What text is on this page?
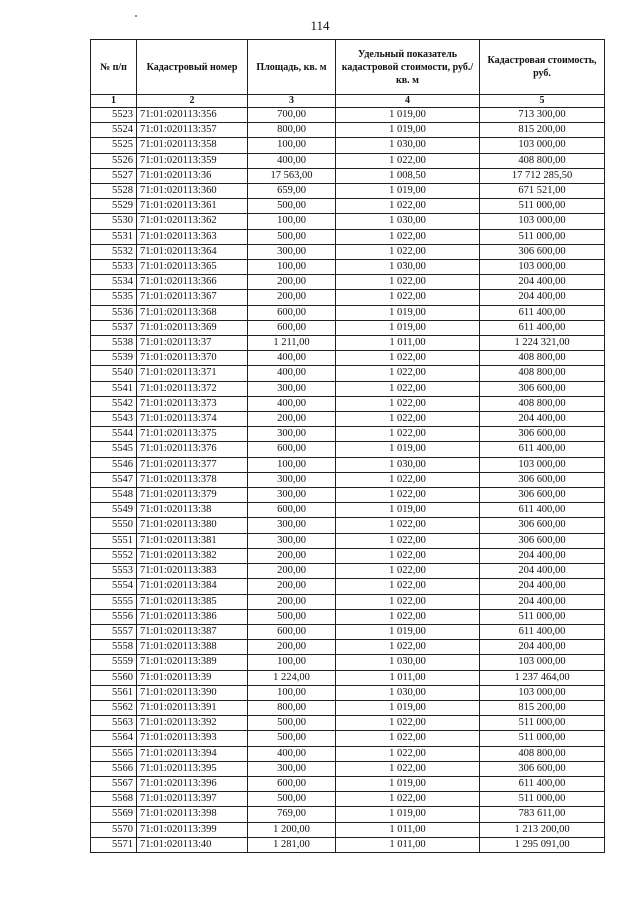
114
№ п/п	Кадастровый номер	Площадь, кв. м	Удельный показатель кадастровой стоимости, руб./кв. м	Кадастровая стоимость, руб.
1	2	3	4	5
5523	71:01:020113:356	700,00	1 019,00	713 300,00
5524	71:01:020113:357	800,00	1 019,00	815 200,00
5525	71:01:020113:358	100,00	1 030,00	103 000,00
5526	71:01:020113:359	400,00	1 022,00	408 800,00
5527	71:01:020113:36	17 563,00	1 008,50	17 712 285,50
5528	71:01:020113:360	659,00	1 019,00	671 521,00
5529	71:01:020113:361	500,00	1 022,00	511 000,00
5530	71:01:020113:362	100,00	1 030,00	103 000,00
5531	71:01:020113:363	500,00	1 022,00	511 000,00
5532	71:01:020113:364	300,00	1 022,00	306 600,00
5533	71:01:020113:365	100,00	1 030,00	103 000,00
5534	71:01:020113:366	200,00	1 022,00	204 400,00
5535	71:01:020113:367	200,00	1 022,00	204 400,00
5536	71:01:020113:368	600,00	1 019,00	611 400,00
5537	71:01:020113:369	600,00	1 019,00	611 400,00
5538	71:01:020113:37	1 211,00	1 011,00	1 224 321,00
5539	71:01:020113:370	400,00	1 022,00	408 800,00
5540	71:01:020113:371	400,00	1 022,00	408 800,00
5541	71:01:020113:372	300,00	1 022,00	306 600,00
5542	71:01:020113:373	400,00	1 022,00	408 800,00
5543	71:01:020113:374	200,00	1 022,00	204 400,00
5544	71:01:020113:375	300,00	1 022,00	306 600,00
5545	71:01:020113:376	600,00	1 019,00	611 400,00
5546	71:01:020113:377	100,00	1 030,00	103 000,00
5547	71:01:020113:378	300,00	1 022,00	306 600,00
5548	71:01:020113:379	300,00	1 022,00	306 600,00
5549	71:01:020113:38	600,00	1 019,00	611 400,00
5550	71:01:020113:380	300,00	1 022,00	306 600,00
5551	71:01:020113:381	300,00	1 022,00	306 600,00
5552	71:01:020113:382	200,00	1 022,00	204 400,00
5553	71:01:020113:383	200,00	1 022,00	204 400,00
5554	71:01:020113:384	200,00	1 022,00	204 400,00
5555	71:01:020113:385	200,00	1 022,00	204 400,00
5556	71:01:020113:386	500,00	1 022,00	511 000,00
5557	71:01:020113:387	600,00	1 019,00	611 400,00
5558	71:01:020113:388	200,00	1 022,00	204 400,00
5559	71:01:020113:389	100,00	1 030,00	103 000,00
5560	71:01:020113:39	1 224,00	1 011,00	1 237 464,00
5561	71:01:020113:390	100,00	1 030,00	103 000,00
5562	71:01:020113:391	800,00	1 019,00	815 200,00
5563	71:01:020113:392	500,00	1 022,00	511 000,00
5564	71:01:020113:393	500,00	1 022,00	511 000,00
5565	71:01:020113:394	400,00	1 022,00	408 800,00
5566	71:01:020113:395	300,00	1 022,00	306 600,00
5567	71:01:020113:396	600,00	1 019,00	611 400,00
5568	71:01:020113:397	500,00	1 022,00	511 000,00
5569	71:01:020113:398	769,00	1 019,00	783 611,00
5570	71:01:020113:399	1 200,00	1 011,00	1 213 200,00
5571	71:01:020113:40	1 281,00	1 011,00	1 295 091,00
